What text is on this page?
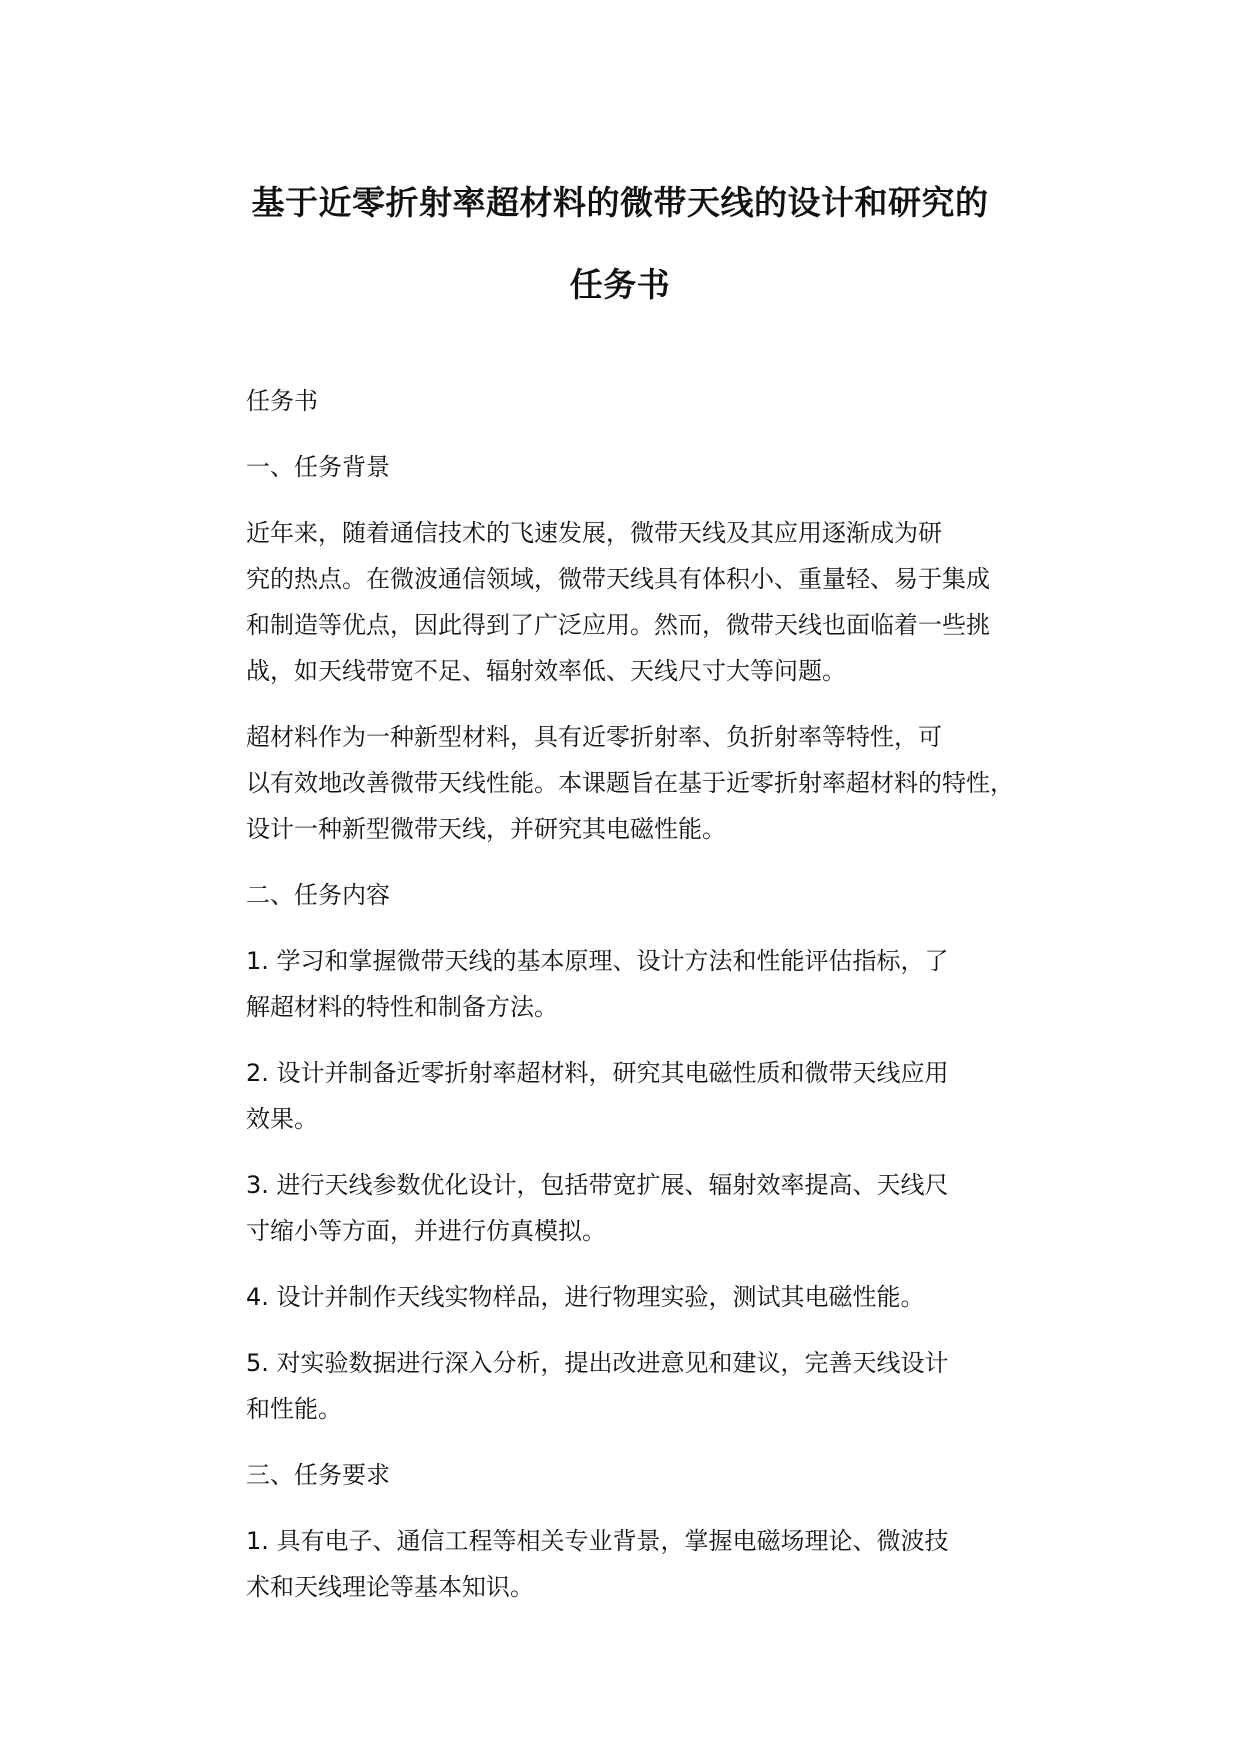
基于近零折射率超材料的微带天线的设计和研究的
任务书

任务书

一、任务背景

近年来，随着通信技术的飞速发展，微带天线及其应用逐渐成为研
究的热点。在微波通信领域，微带天线具有体积小、重量轻、易于集成
和制造等优点，因此得到了广泛应用。然而，微带天线也面临着一些挑
战，如天线带宽不足、辐射效率低、天线尺寸大等问题。

超材料作为一种新型材料，具有近零折射率、负折射率等特性，可
以有效地改善微带天线性能。本课题旨在基于近零折射率超材料的特性，
设计一种新型微带天线，并研究其电磁性能。

二、任务内容

1. 学习和掌握微带天线的基本原理、设计方法和性能评估指标，了
解超材料的特性和制备方法。

2. 设计并制备近零折射率超材料，研究其电磁性质和微带天线应用
效果。

3. 进行天线参数优化设计，包括带宽扩展、辐射效率提高、天线尺
寸缩小等方面，并进行仿真模拟。

4. 设计并制作天线实物样品，进行物理实验，测试其电磁性能。

5. 对实验数据进行深入分析，提出改进意见和建议，完善天线设计
和性能。

三、任务要求

1. 具有电子、通信工程等相关专业背景，掌握电磁场理论、微波技
术和天线理论等基本知识。
